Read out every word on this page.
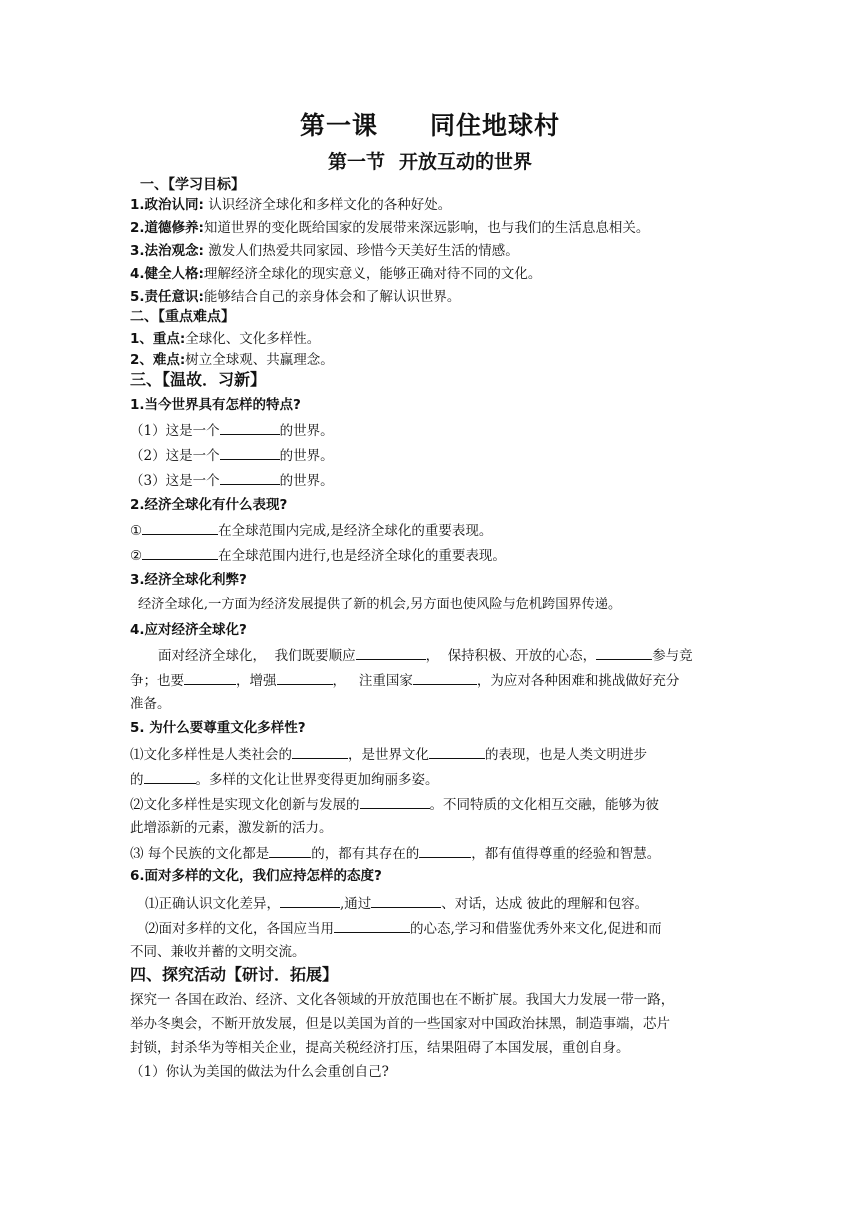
第一课 同住地球村
第一节 开放互动的世界
一、【学习目标】
1.政治认同: 认识经济全球化和多样文化的各种好处。
2.道德修养:知道世界的变化既给国家的发展带来深远影响，也与我们的生活息息相关。
3.法治观念: 激发人们热爱共同家园、珍惜今天美好生活的情感。
4.健全人格:理解经济全球化的现实意义，能够正确对待不同的文化。
5.责任意识:能够结合自己的亲身体会和了解认识世界。
二、【重点难点】
1、重点:全球化、文化多样性。
2、难点:树立全球观、共赢理念。
三、【温故．习新】
1.当今世界具有怎样的特点?
（1）这是一个	的世界。
（2）这是一个	的世界。
（3）这是一个	的世界。
2.经济全球化有什么表现?
①	在全球范围内完成,是经济全球化的重要表现。
②	在全球范围内进行,也是经济全球化的重要表现。
3.经济全球化利弊?
经济全球化,一方面为经济发展提供了新的机会,另方面也使风险与危机跨国界传递。
4.应对经济全球化?
面对经济全球化， 我们既要顺应	， 保持积极、开放的心态，	参与竞
争；也要	，增强	， 注重国家	，为应对各种困难和挑战做好充分
准备。
5. 为什么要尊重文化多样性?
⑴文化多样性是人类社会的	，是世界文化	的表现，也是人类文明进步
的	。多样的文化让世界变得更加绚丽多姿。
⑵文化多样性是实现文化创新与发展的	。不同特质的文化相互交融，能够为彼
此增添新的元素，激发新的活力。
⑶ 每个民族的文化都是	的，都有其存在的	，都有值得尊重的经验和智慧。
6.面对多样的文化，我们应持怎样的态度?
⑴正确认识文化差异，	,通过	、对话，达成 彼此的理解和包容。
⑵面对多样的文化，各国应当用	的心态,学习和借鉴优秀外来文化,促进和而
不同、兼收并蓄的文明交流。
四、探究活动【研讨．拓展】
探究一 各国在政治、经济、文化各领域的开放范围也在不断扩展。我国大力发展一带一路，
举办冬奥会，不断开放发展，但是以美国为首的一些国家对中国政治抹黑，制造事端，芯片
封锁，封杀华为等相关企业，提高关税经济打压，结果阻碍了本国发展，重创自身。
（1）你认为美国的做法为什么会重创自己?
